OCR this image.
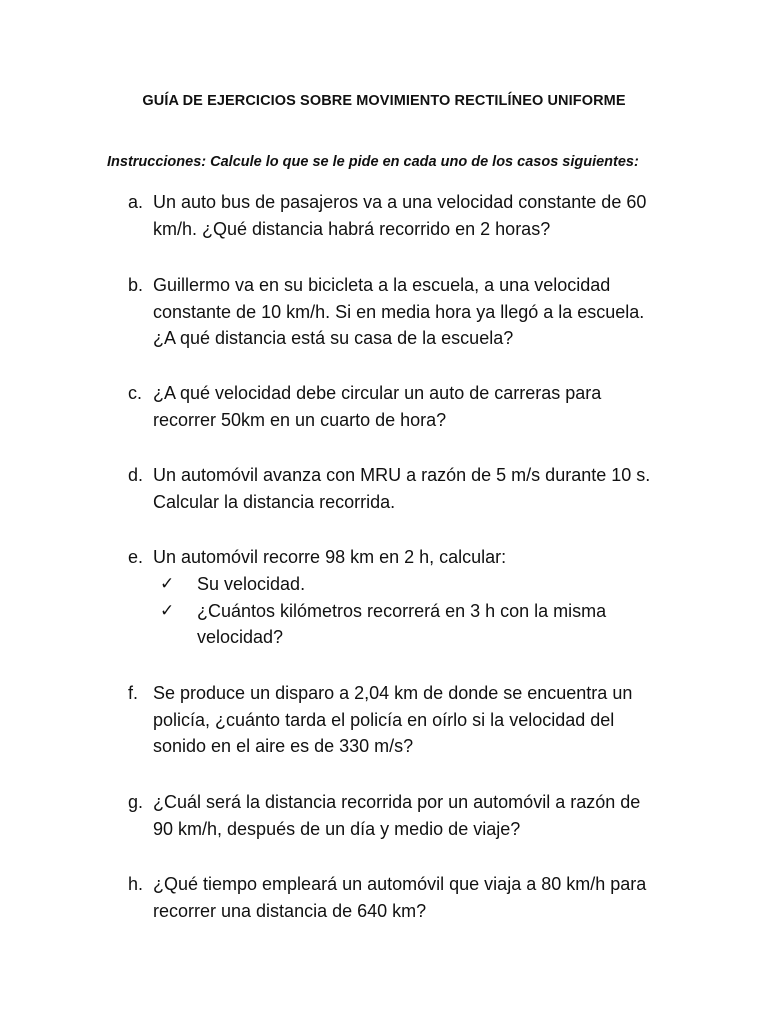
GUÍA DE EJERCICIOS SOBRE MOVIMIENTO RECTILÍNEO UNIFORME
Instrucciones: Calcule lo que se le pide en cada uno de los casos siguientes:
a. Un auto bus de pasajeros va a una velocidad constante de 60
km/h. ¿Qué distancia habrá recorrido en 2 horas?
b. Guillermo va en su bicicleta a la escuela, a una velocidad
constante de 10 km/h. Si en media hora ya llegó a la escuela.
¿A qué distancia está su casa de la escuela?
c. ¿A qué velocidad debe circular un auto de carreras para
recorrer 50km en un cuarto de hora?
d. Un automóvil avanza con MRU a razón de 5 m/s durante 10 s.
Calcular la distancia recorrida.
e. Un automóvil recorre 98 km en 2 h, calcular:
✓ Su velocidad.
✓ ¿Cuántos kilómetros recorrerá en 3 h con la misma
velocidad?
f. Se produce un disparo a 2,04 km de donde se encuentra un
policía, ¿cuánto tarda el policía en oírlo si la velocidad del
sonido en el aire es de 330 m/s?
g. ¿Cuál será la distancia recorrida por un automóvil a razón de
90 km/h, después de un día y medio de viaje?
h. ¿Qué tiempo empleará un automóvil que viaja a 80 km/h para
recorrer una distancia de 640 km?
